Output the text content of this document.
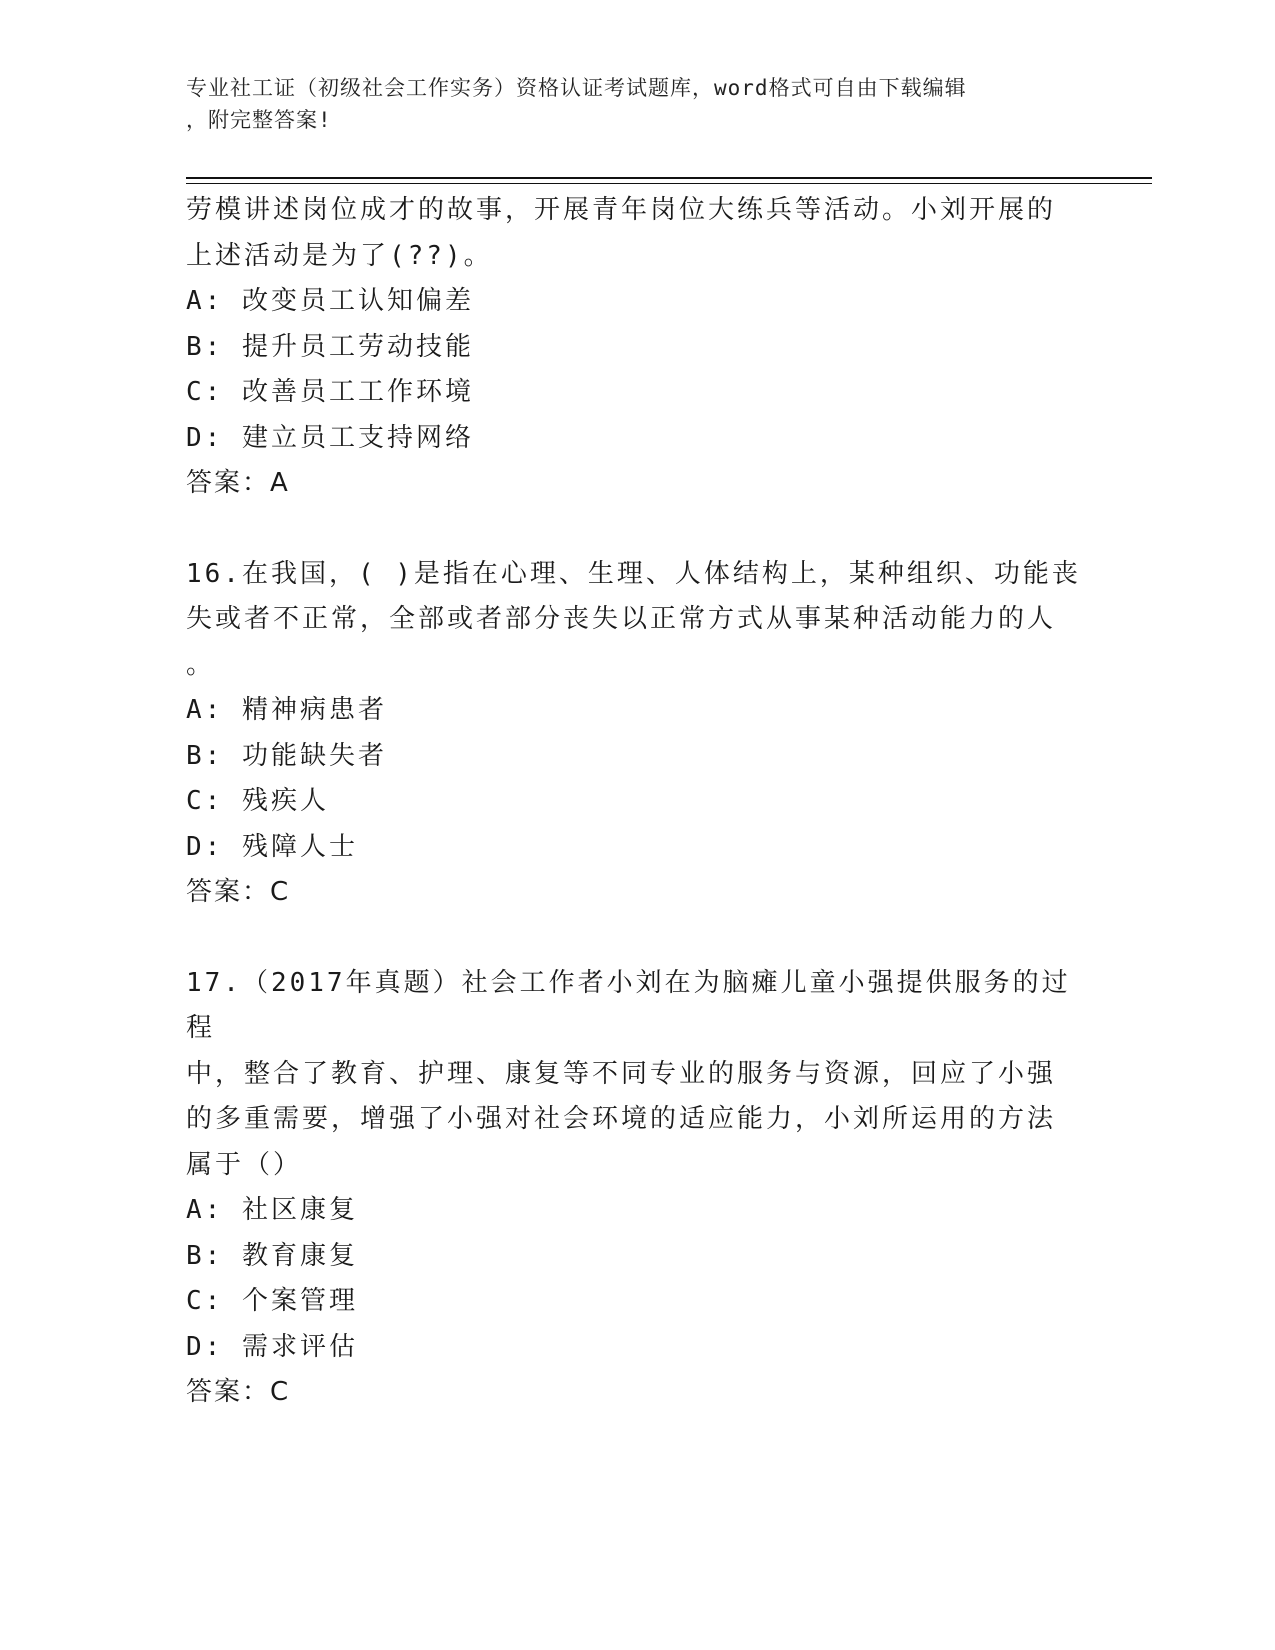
专业社工证（初级社会工作实务）资格认证考试题库，word格式可自由下载编辑

，附完整答案!

劳模讲述岗位成才的故事，开展青年岗位大练兵等活动。小刘开展的

上述活动是为了(??)。

A: 改变员工认知偏差

B: 提升员工劳动技能

C: 改善员工工作环境

D: 建立员工支持网络

答案：A

16.在我国，( )是指在心理、生理、人体结构上，某种组织、功能丧

失或者不正常，全部或者部分丧失以正常方式从事某种活动能力的人

。

A: 精神病患者

B: 功能缺失者

C: 残疾人

D: 残障人士

答案：C

17.（2017年真题）社会工作者小刘在为脑瘫儿童小强提供服务的过程

中，整合了教育、护理、康复等不同专业的服务与资源，回应了小强

的多重需要，增强了小强对社会环境的适应能力，小刘所运用的方法

属于（）

A: 社区康复

B: 教育康复

C: 个案管理

D: 需求评估

答案：C
